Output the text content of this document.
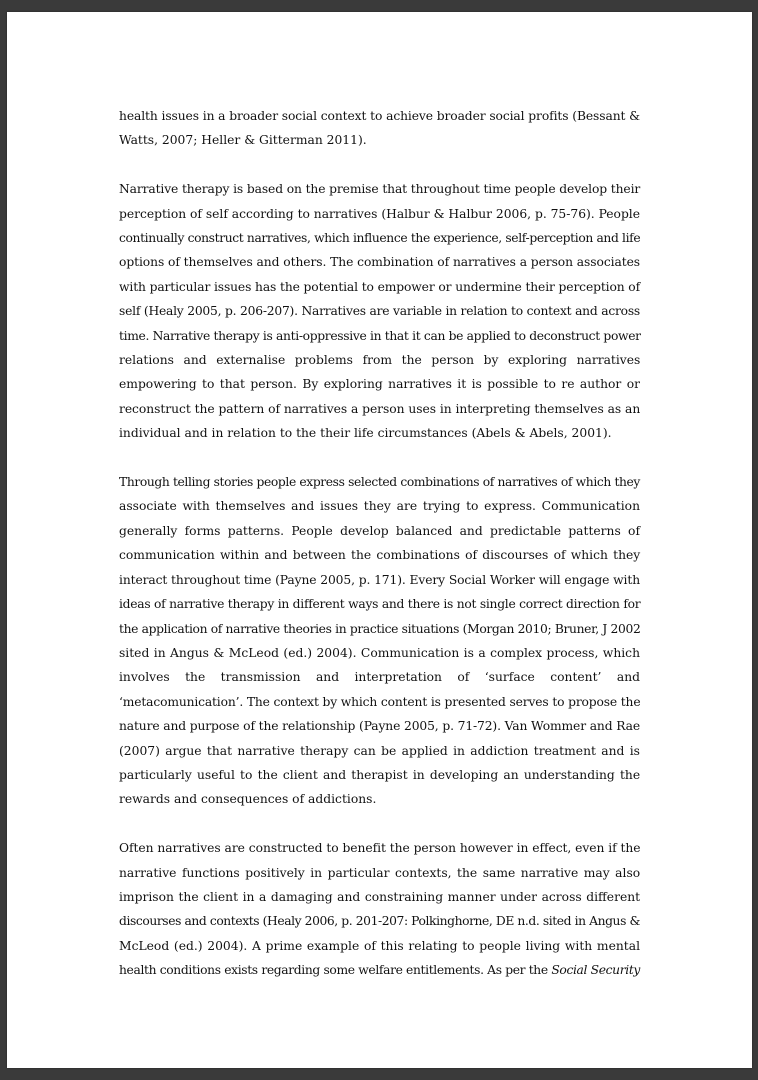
health issues in a broader social context to achieve broader social profits (Bessant &
Watts, 2007; Heller & Gitterman 2011).

Narrative therapy is based on the premise that throughout time people develop their
perception of self according to narratives (Halbur & Halbur 2006, p. 75-76). People
continually construct narratives, which influence the experience, self-perception and life
options of themselves and others. The combination of narratives a person associates
with particular issues has the potential to empower or undermine their perception of
self (Healy 2005, p. 206-207). Narratives are variable in relation to context and across
time. Narrative therapy is anti-oppressive in that it can be applied to deconstruct power
relations and externalise problems from the person by exploring narratives
empowering to that person. By exploring narratives it is possible to re author or
reconstruct the pattern of narratives a person uses in interpreting themselves as an
individual and in relation to the their life circumstances (Abels & Abels, 2001).

Through telling stories people express selected combinations of narratives of which they
associate with themselves and issues they are trying to express. Communication
generally forms patterns. People develop balanced and predictable patterns of
communication within and between the combinations of discourses of which they
interact throughout time (Payne 2005, p. 171). Every Social Worker will engage with
ideas of narrative therapy in different ways and there is not single correct direction for
the application of narrative theories in practice situations (Morgan 2010; Bruner, J 2002
sited in Angus & McLeod (ed.) 2004). Communication is a complex process, which
involves the transmission and interpretation of ‘surface content’ and
‘metacomunication’. The context by which content is presented serves to propose the
nature and purpose of the relationship (Payne 2005, p. 71-72). Van Wommer and Rae
(2007) argue that narrative therapy can be applied in addiction treatment and is
particularly useful to the client and therapist in developing an understanding the
rewards and consequences of addictions.

Often narratives are constructed to benefit the person however in effect, even if the
narrative functions positively in particular contexts, the same narrative may also
imprison the client in a damaging and constraining manner under across different
discourses and contexts (Healy 2006, p. 201-207: Polkinghorne, DE n.d. sited in Angus &
McLeod (ed.) 2004). A prime example of this relating to people living with mental
health conditions exists regarding some welfare entitlements. As per the Social Security
